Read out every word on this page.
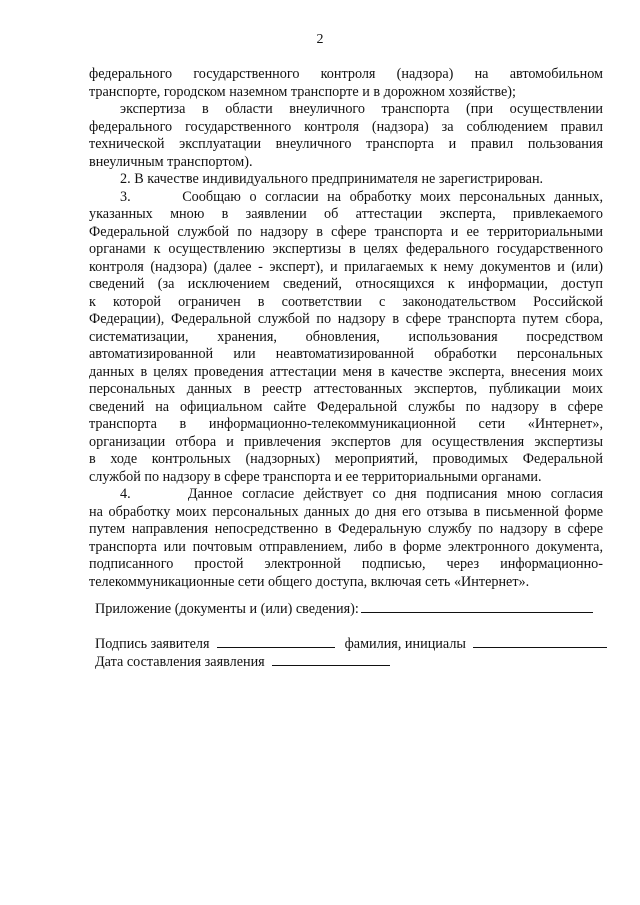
2

федерального государственного контроля (надзора) на автомобильном
транспорте, городском наземном транспорте и в дорожном хозяйстве);

экспертиза в области внеуличного транспорта (при осуществлении
федерального государственного контроля (надзора) за соблюдением правил
технической эксплуатации внеуличного транспорта и правил пользования
внеуличным транспортом).

2. В качестве индивидуального предпринимателя не зарегистрирован.

3.      Сообщаю о согласии на обработку моих персональных данных,
указанных мною в заявлении об аттестации эксперта, привлекаемого
Федеральной службой по надзору в сфере транспорта и ее территориальными
органами к осуществлению экспертизы в целях федерального государственного
контроля (надзора) (далее - эксперт), и прилагаемых к нему документов и (или)
сведений (за исключением сведений, относящихся к информации, доступ
к которой ограничен в соответствии с законодательством Российской
Федерации), Федеральной службой по надзору в сфере транспорта путем сбора,
систематизации, хранения, обновления, использования посредством
автоматизированной или неавтоматизированной обработки персональных
данных в целях проведения аттестации меня в качестве эксперта, внесения моих
персональных данных в реестр аттестованных экспертов, публикации моих
сведений на официальном сайте Федеральной службы по надзору в сфере
транспорта в информационно-телекоммуникационной сети «Интернет»,
организации отбора и привлечения экспертов для осуществления экспертизы
в ходе контрольных (надзорных) мероприятий, проводимых Федеральной
службой по надзору в сфере транспорта и ее территориальными органами.

4.      Данное согласие действует со дня подписания мною согласия
на обработку моих персональных данных до дня его отзыва в письменной форме
путем направления непосредственно в Федеральную службу по надзору в сфере
транспорта или почтовым отправлением, либо в форме электронного документа,
подписанного простой электронной подписью, через информационно-
телекоммуникационные сети общего доступа, включая сеть «Интернет».

Приложение (документы и (или) сведения):
Подпись заявителя	фамилия, инициалы
Дата составления заявления
